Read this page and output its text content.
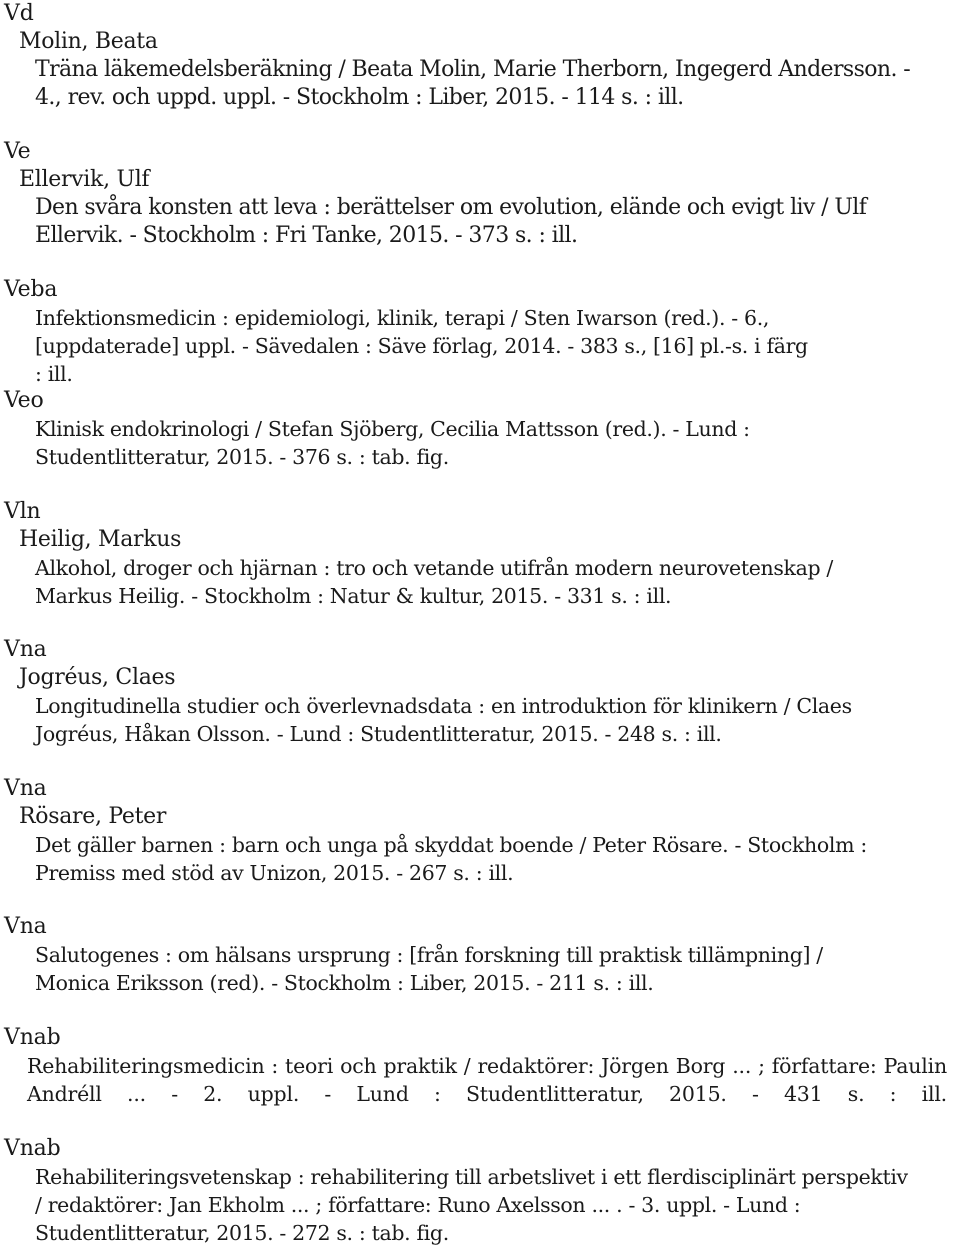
Vd
Molin, Beata
Träna läkemedelsberäkning / Beata Molin, Marie Therborn, Ingegerd Andersson. - 4., rev. och uppd. uppl. - Stockholm : Liber, 2015. - 114 s. : ill.
Ve
Ellervik, Ulf
Den svåra konsten att leva : berättelser om evolution, elände och evigt liv / Ulf Ellervik. - Stockholm : Fri Tanke, 2015. - 373 s. : ill.
Veba
Infektionsmedicin : epidemiologi, klinik, terapi / Sten Iwarson (red.). - 6., [uppdaterade] uppl. - Sävedalen : Säve förlag, 2014. - 383 s., [16] pl.-s. i färg : ill.
Veo
Klinisk endokrinologi / Stefan Sjöberg, Cecilia Mattsson (red.). - Lund : Studentlitteratur, 2015. - 376 s. : tab. fig.
Vln
Heilig, Markus
Alkohol, droger och hjärnan : tro och vetande utifrån modern neurovetenskap / Markus Heilig. - Stockholm : Natur & kultur, 2015. - 331 s. : ill.
Vna
Jogréus, Claes
Longitudinella studier och överlevnadsdata : en introduktion för klinikern / Claes Jogréus, Håkan Olsson. - Lund : Studentlitteratur, 2015. - 248 s. : ill.
Vna
Rösare, Peter
Det gäller barnen : barn och unga på skyddat boende / Peter Rösare. - Stockholm : Premiss med stöd av Unizon, 2015. - 267 s. : ill.
Vna
Salutogenes : om hälsans ursprung : [från forskning till praktisk tillämpning] / Monica Eriksson (red). - Stockholm : Liber, 2015. - 211 s. : ill.
Vnab
Rehabiliteringsmedicin : teori och praktik / redaktörer: Jörgen Borg ... ; författare: Paulin Andréll ... - 2. uppl. - Lund : Studentlitteratur, 2015. - 431 s. : ill.
Vnab
Rehabiliteringsvetenskap : rehabilitering till arbetslivet i ett flerdisciplinärt perspektiv / redaktörer: Jan Ekholm ... ; författare: Runo Axelsson ... . - 3. uppl. - Lund : Studentlitteratur, 2015. - 272 s. : tab. fig.
